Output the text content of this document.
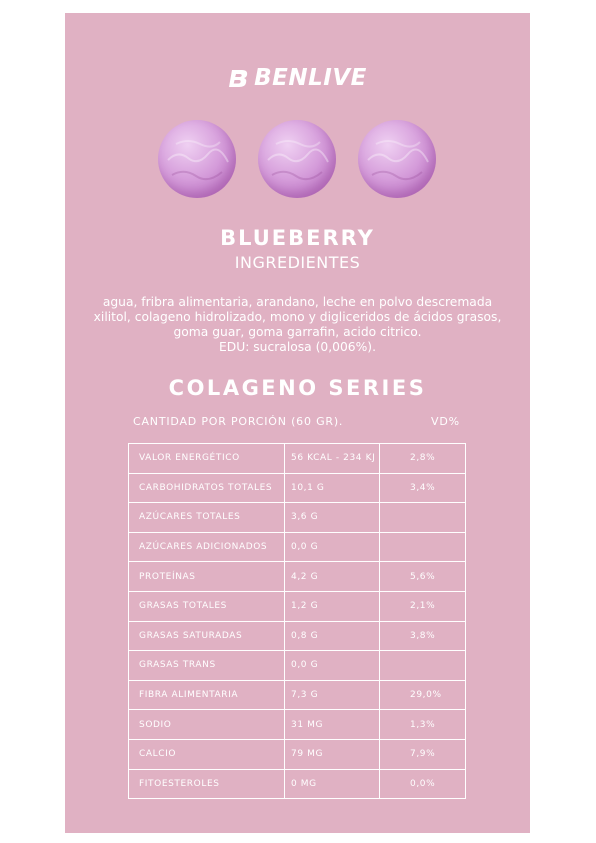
BENLIVE
BLUEBERRY
INGREDIENTES
agua, fribra alimentaria, arandano, leche en polvo descremada
xilitol, colageno hidrolizado, mono y digliceridos de ácidos grasos,
goma guar, goma garrafin, acido citrico.
EDU: sucralosa (0,006%).
COLAGENO SERIES
CANTIDAD POR PORCIÓN (60 GR).	VD%
VALOR ENERGÉTICO	56 KCAL - 234 KJ	2,8%
CARBOHIDRATOS TOTALES	10,1 G	3,4%
AZÚCARES TOTALES	3,6 G	
AZÚCARES ADICIONADOS	0,0 G	
PROTEÍNAS	4,2 G	5,6%
GRASAS TOTALES	1,2 G	2,1%
GRASAS SATURADAS	0,8 G	3,8%
GRASAS TRANS	0,0 G	
FIBRA ALIMENTARIA	7,3 G	29,0%
SODIO	31 MG	1,3%
CALCIO	79 MG	7,9%
FITOESTEROLES	0 MG	0,0%
